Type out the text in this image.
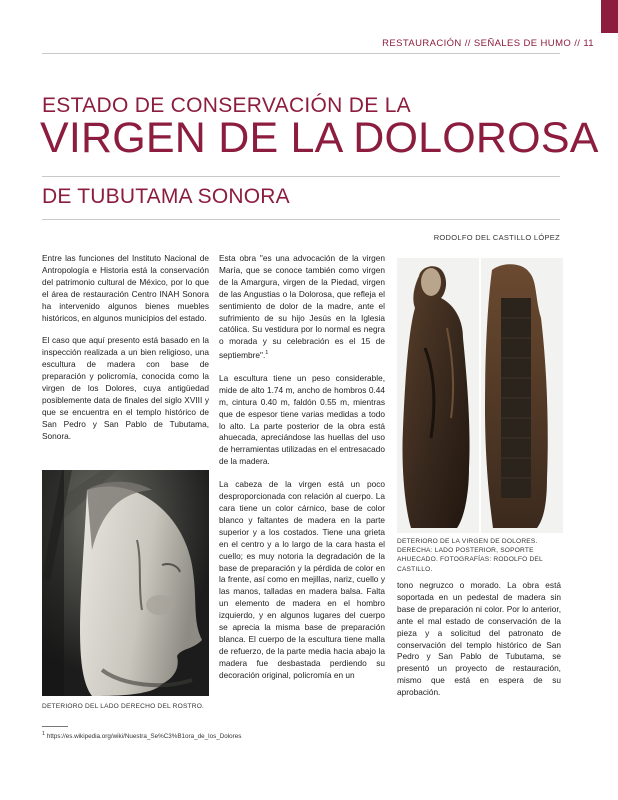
RESTAURACIÓN // SEÑALES DE HUMO // 11
ESTADO DE CONSERVACIÓN DE LA
VIRGEN DE LA DOLOROSA
DE TUBUTAMA SONORA
RODOLFO DEL CASTILLO LÓPEZ

Entre las funciones del Instituto Nacional de Antropología e Historia está la conservación del patrimonio cultural de México, por lo que el área de restauración Centro INAH Sonora ha intervenido algunos bienes muebles históricos, en algunos municipios del estado.

El caso que aquí presento está basado en la inspección realizada a un bien religioso, una escultura de madera con base de preparación y policromía, conocida como la virgen de los Dolores, cuya antigüedad posiblemente data de finales del siglo XVIII y que se encuentra en el templo histórico de San Pedro y San Pablo de Tubutama, Sonora.

DETERIORO DEL LADO DERECHO DEL ROSTRO.

Esta obra "es una advocación de la virgen María, que se conoce también como virgen de la Amargura, virgen de la Piedad, virgen de las Angustias o la Dolorosa, que refleja el sentimiento de dolor de la madre, ante el sufrimiento de su hijo Jesús en la Iglesia católica. Su vestidura por lo normal es negra o morada y su celebración es el 15 de septiembre".$^1$

La escultura tiene un peso considerable, mide de alto 1.74 m, ancho de hombros 0.44 m, cintura 0.40 m, faldón 0.55 m, mientras que de espesor tiene varias medidas a todo lo alto. La parte posterior de la obra está ahuecada, apreciándose las huellas del uso de herramientas utilizadas en el entresacado de la madera.

La cabeza de la virgen está un poco desproporcionada con relación al cuerpo. La cara tiene un color cárnico, base de color blanco y faltantes de madera en la parte superior y a los costados. Tiene una grieta en el centro y a lo largo de la cara hasta el cuello; es muy notoria la degradación de la base de preparación y la pérdida de color en la frente, así como en mejillas, nariz, cuello y las manos, talladas en madera balsa. Falta un elemento de madera en el hombro izquierdo, y en algunos lugares del cuerpo se aprecia la misma base de preparación blanca. El cuerpo de la escultura tiene malla de refuerzo, de la parte media hacia abajo la madera fue desbastada perdiendo su decoración original, policromía en un

DETERIORO DE LA VIRGEN DE DOLORES. DERECHA: LADO POSTERIOR, SOPORTE AHUECADO. FOTOGRAFÍAS: RODOLFO DEL CASTILLO.

tono negruzco o morado. La obra está soportada en un pedestal de madera sin base de preparación ni color. Por lo anterior, ante el mal estado de conservación de la pieza y a solicitud del patronato de conservación del templo histórico de San Pedro y San Pablo de Tubutama, se presentó un proyecto de restauración, mismo que está en espera de su aprobación.

$^1$ https://es.wikipedia.org/wiki/Nuestra_Se%C3%B1ora_de_los_Dolores
